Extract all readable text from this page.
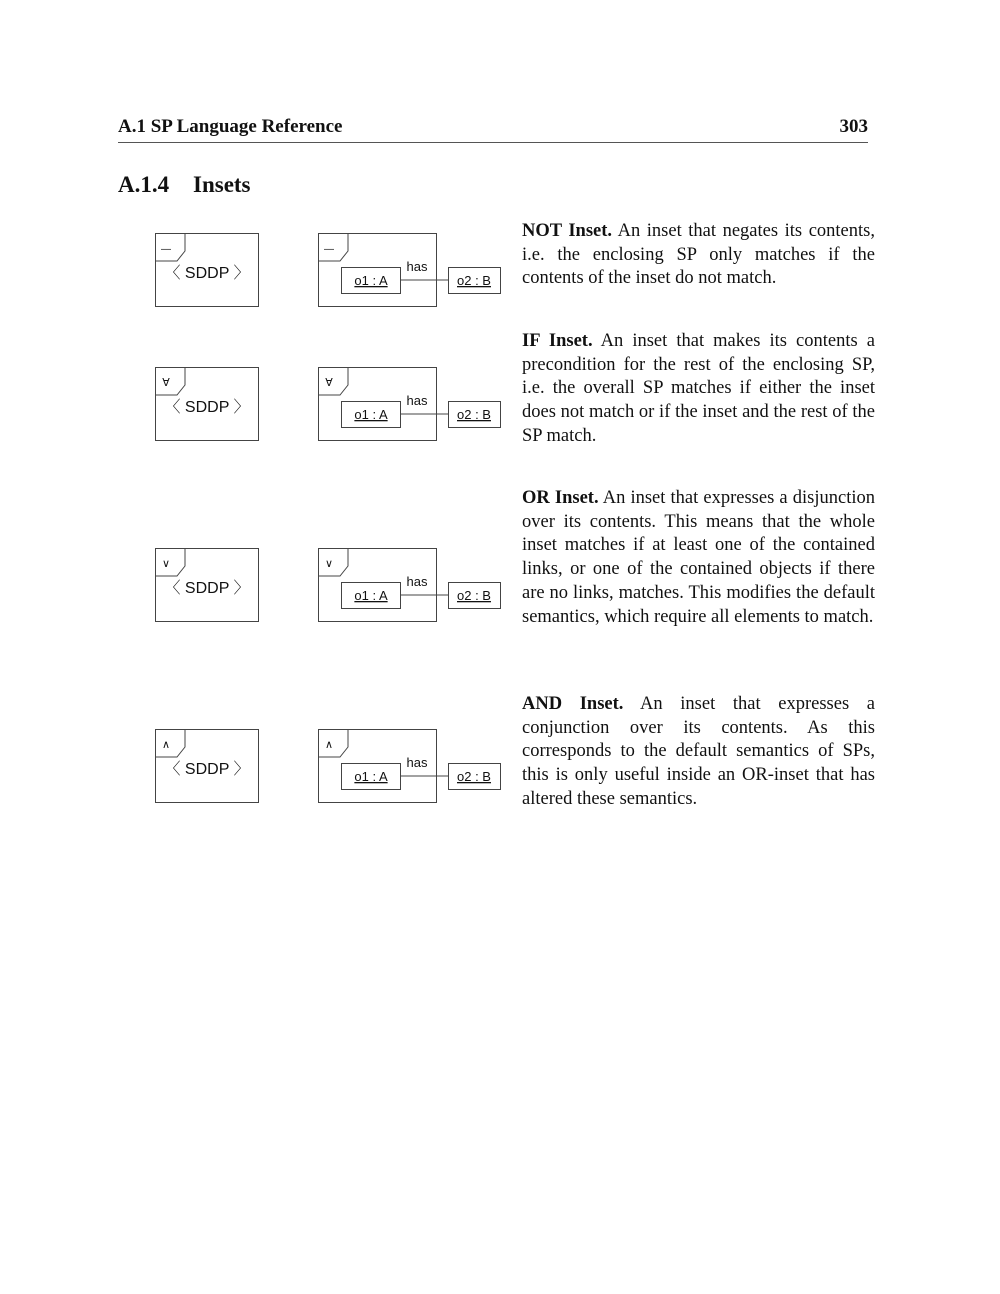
A.1 SP Language Reference	303
A.1.4 Insets
—
〈 SDDP 〉
—
o1 : A
has
o2 : B

NOT Inset. An inset that negates its contents, i.e. the enclosing SP only matches if the contents of the inset do not match.

∀
〈 SDDP 〉
∀
o1 : A
has
o2 : B

IF Inset. An inset that makes its contents a precondition for the rest of the enclosing SP, i.e. the overall SP matches if either the inset does not match or if the inset and the rest of the SP match.

∨
〈 SDDP 〉
∨
o1 : A
has
o2 : B

OR Inset. An inset that expresses a disjunction over its contents. This means that the whole inset matches if at least one of the contained links, or one of the contained objects if there are no links, matches. This modifies the default semantics, which require all elements to match.

∧
〈 SDDP 〉
∧
o1 : A
has
o2 : B

AND Inset. An inset that expresses a conjunction over its contents. As this corresponds to the default semantics of SPs, this is only useful inside an OR-inset that has altered these semantics.
